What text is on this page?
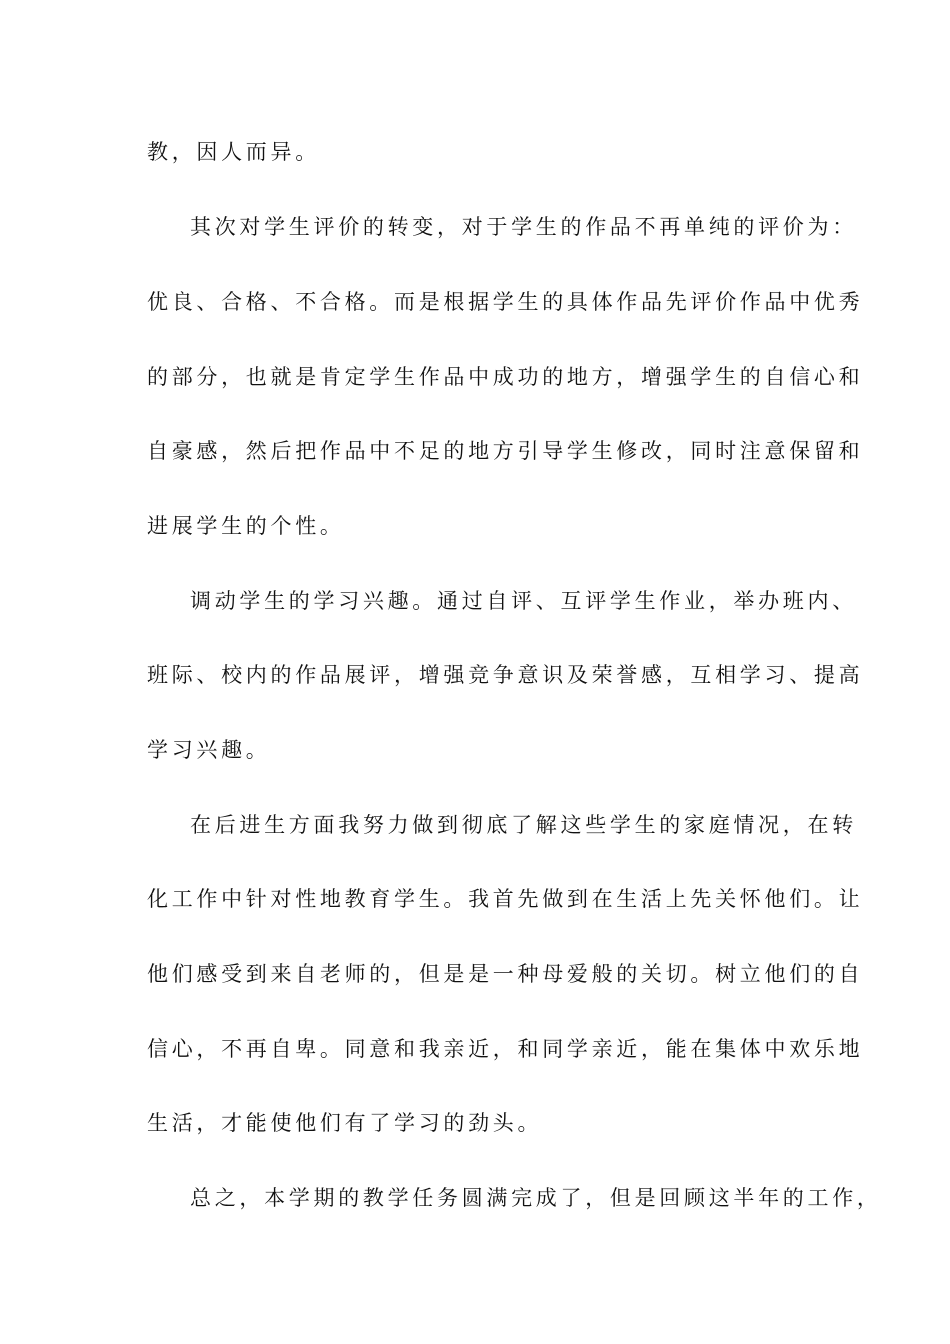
教，因人而异。
其次对学生评价的转变，对于学生的作品不再单纯的评价为：
优良、合格、不合格。而是根据学生的具体作品先评价作品中优秀
的部分，也就是肯定学生作品中成功的地方，增强学生的自信心和
自豪感，然后把作品中不足的地方引导学生修改，同时注意保留和
进展学生的个性。
调动学生的学习兴趣。通过自评、互评学生作业，举办班内、
班际、校内的作品展评，增强竞争意识及荣誉感，互相学习、提高
学习兴趣。
在后进生方面我努力做到彻底了解这些学生的家庭情况，在转
化工作中针对性地教育学生。我首先做到在生活上先关怀他们。让
他们感受到来自老师的，但是是一种母爱般的关切。树立他们的自
信心，不再自卑。同意和我亲近，和同学亲近，能在集体中欢乐地
生活，才能使他们有了学习的劲头。
总之，本学期的教学任务圆满完成了，但是回顾这半年的工作，
